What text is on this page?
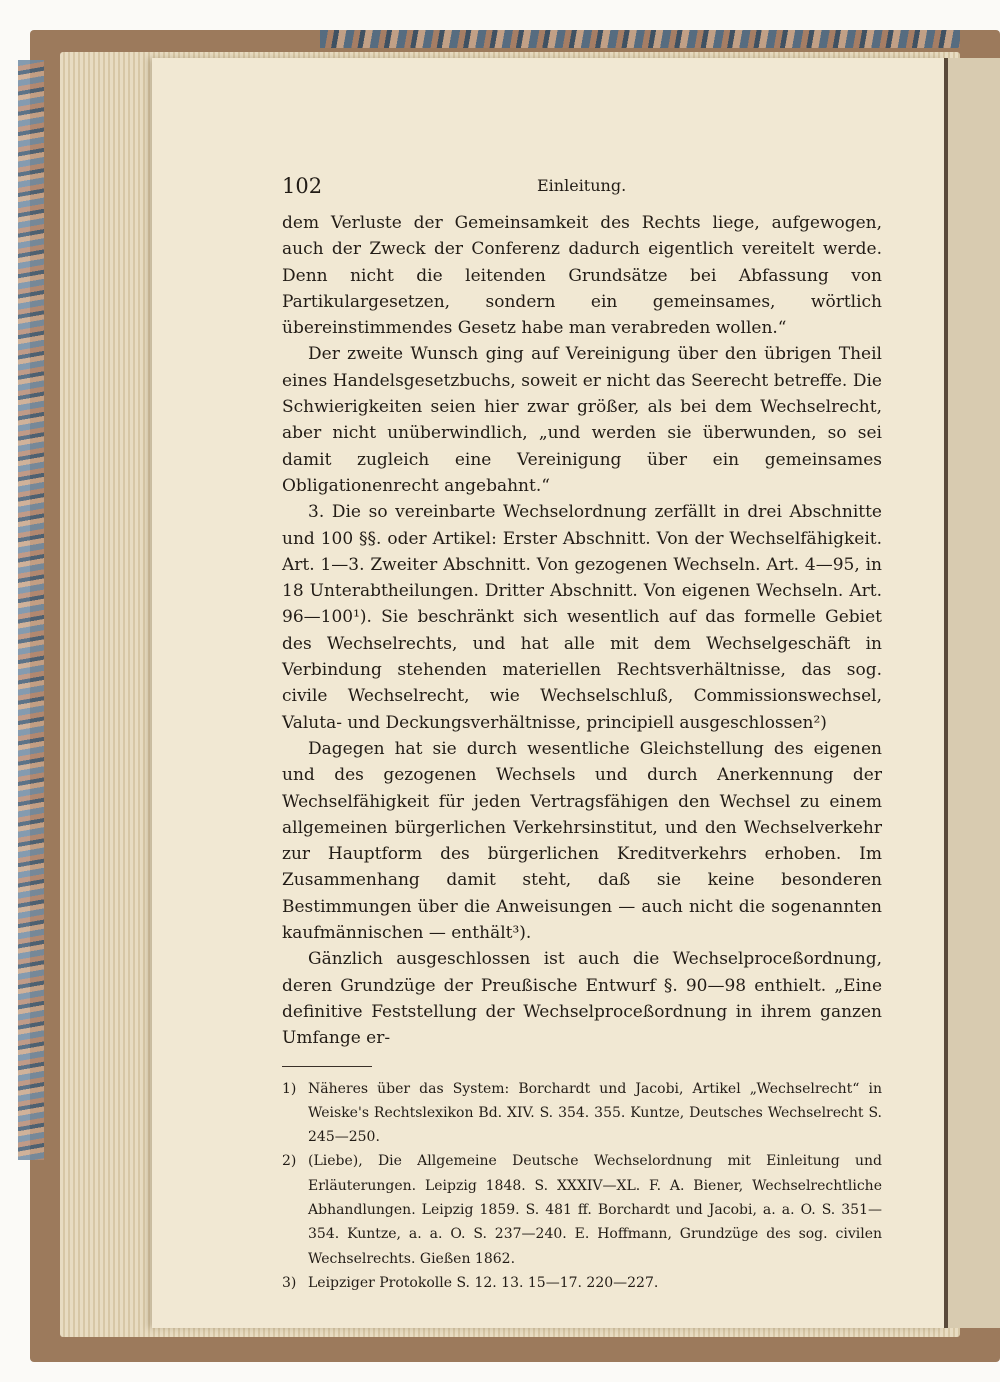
102	Einleitung.

dem Verluste der Gemeinsamkeit des Rechts liege, aufgewogen, auch der Zweck der Conferenz dadurch eigentlich vereitelt werde. Denn nicht die leitenden Grundsätze bei Abfassung von Partikulargesetzen, sondern ein gemeinsames, wörtlich übereinstimmendes Gesetz habe man verabreden wollen.“

Der zweite Wunsch ging auf Vereinigung über den übrigen Theil eines Handelsgesetzbuchs, soweit er nicht das Seerecht betreffe. Die Schwierigkeiten seien hier zwar größer, als bei dem Wechselrecht, aber nicht unüberwindlich, „und werden sie überwunden, so sei damit zugleich eine Vereinigung über ein gemeinsames Obligationenrecht angebahnt.“

3. Die so vereinbarte Wechselordnung zerfällt in drei Abschnitte und 100 §§. oder Artikel: Erster Abschnitt. Von der Wechselfähigkeit. Art. 1—3. Zweiter Abschnitt. Von gezogenen Wechseln. Art. 4—95, in 18 Unterabtheilungen. Dritter Abschnitt. Von eigenen Wechseln. Art. 96—100¹). Sie beschränkt sich wesentlich auf das formelle Gebiet des Wechselrechts, und hat alle mit dem Wechselgeschäft in Verbindung stehenden materiellen Rechtsverhältnisse, das sog. civile Wechselrecht, wie Wechselschluß, Commissionswechsel, Valuta- und Deckungsverhältnisse, principiell ausgeschlossen²)

Dagegen hat sie durch wesentliche Gleichstellung des eigenen und des gezogenen Wechsels und durch Anerkennung der Wechselfähigkeit für jeden Vertragsfähigen den Wechsel zu einem allgemeinen bürgerlichen Verkehrsinstitut, und den Wechselverkehr zur Hauptform des bürgerlichen Kreditverkehrs erhoben. Im Zusammenhang damit steht, daß sie keine besonderen Bestimmungen über die Anweisungen — auch nicht die sogenannten kaufmännischen — enthält³).

Gänzlich ausgeschlossen ist auch die Wechselproceßordnung, deren Grundzüge der Preußische Entwurf §. 90—98 enthielt. „Eine definitive Feststellung der Wechselproceßordnung in ihrem ganzen Umfange er-

1) Näheres über das System: Borchardt und Jacobi, Artikel „Wechselrecht“ in Weiske's Rechtslexikon Bd. XIV. S. 354. 355. Kuntze, Deutsches Wechselrecht S. 245—250.

2) (Liebe), Die Allgemeine Deutsche Wechselordnung mit Einleitung und Erläuterungen. Leipzig 1848. S. XXXIV—XL. F. A. Biener, Wechselrechtliche Abhandlungen. Leipzig 1859. S. 481 ff. Borchardt und Jacobi, a. a. O. S. 351—354. Kuntze, a. a. O. S. 237—240. E. Hoffmann, Grundzüge des sog. civilen Wechselrechts. Gießen 1862.

3) Leipziger Protokolle S. 12. 13. 15—17. 220—227.
